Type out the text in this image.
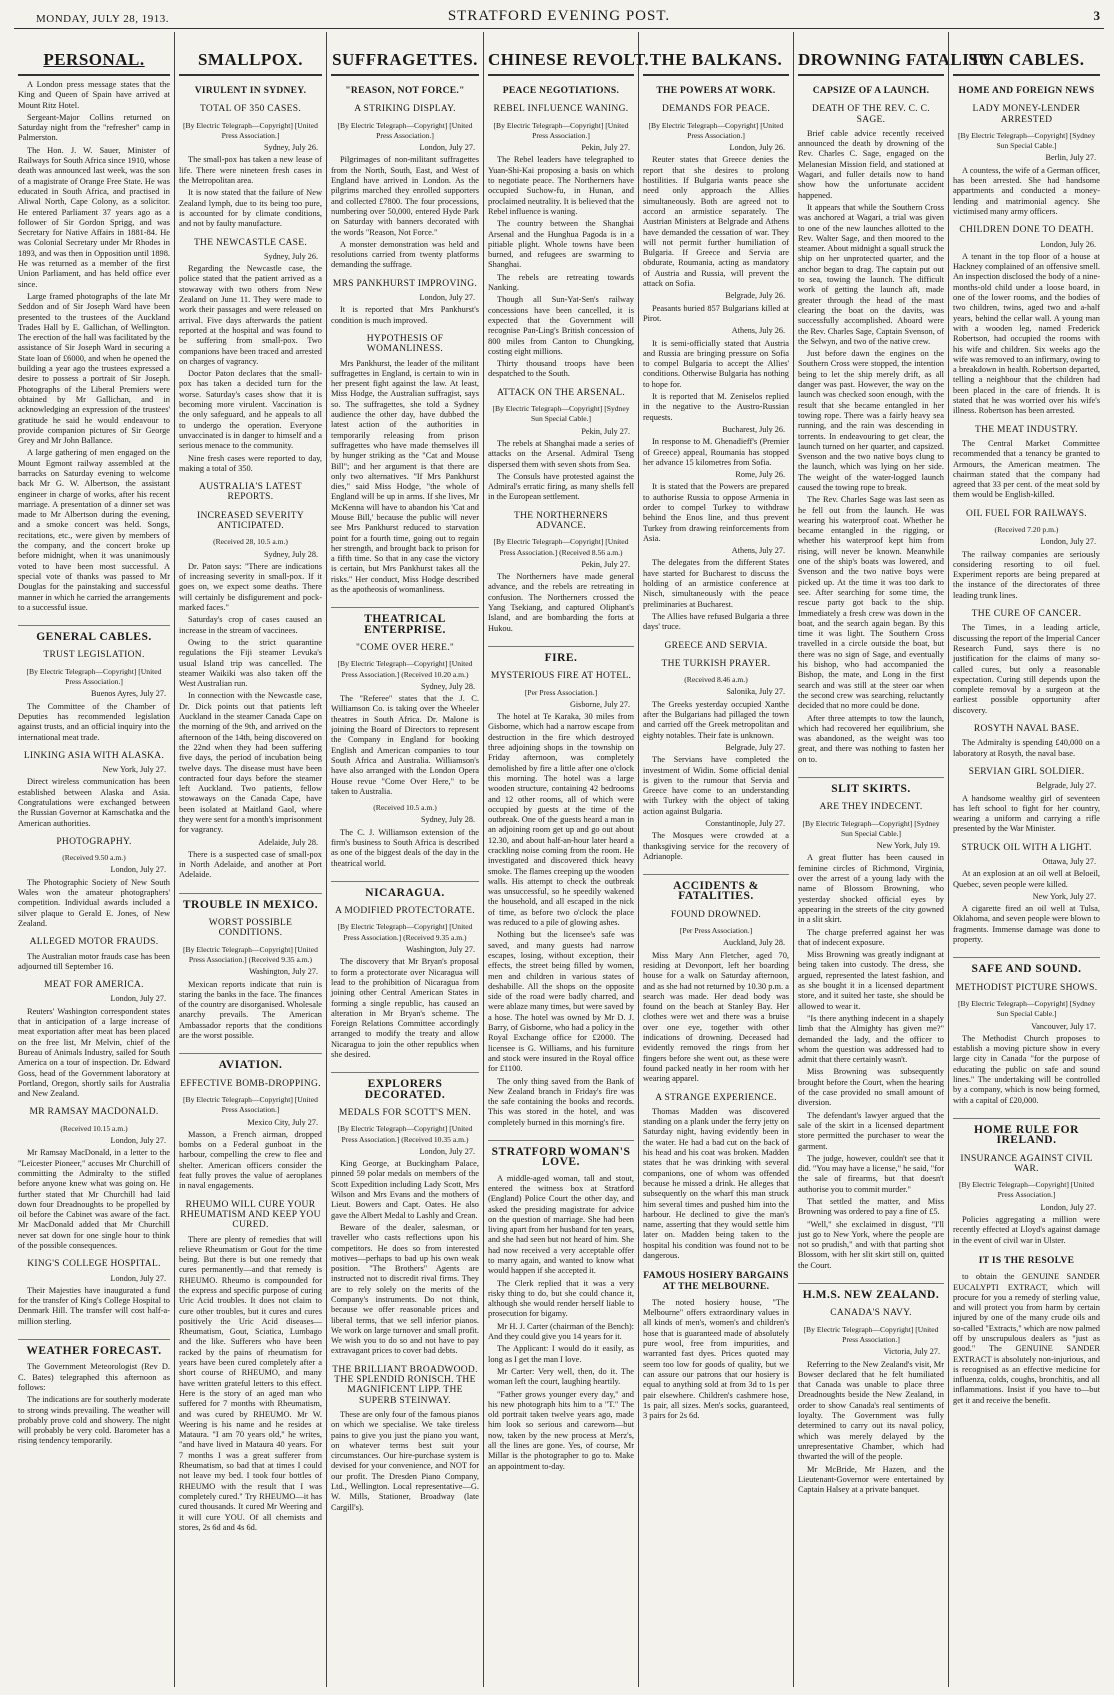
MONDAY, JULY 28, 1913.	STRATFORD EVENING POST.	3
PERSONAL.

A London press message states that the King and Queen of Spain have arrived at Mount Ritz Hotel.

Sergeant-Major Collins returned on Saturday night from the "refresher" camp in Palmerston.

The Hon. J. W. Sauer, Minister of Railways for South Africa since 1910, whose death was announced last week, was the son of a magistrate of Orange Free State. He was educated in South Africa, and practised in Aliwal North, Cape Colony, as a solicitor. He entered Parliament 37 years ago as a follower of Sir Gordon Sprigg, and was Secretary for Native Affairs in 1881-84. He was Colonial Secretary under Mr Rhodes in 1893, and was then in Opposition until 1898. He was returned as a member of the first Union Parliament, and has held office ever since.

Large framed photographs of the late Mr Seddon and of Sir Joseph Ward have been presented to the trustees of the Auckland Trades Hall by E. Gallichan, of Wellington. The erection of the hall was facilitated by the assistance of Sir Joseph Ward in securing a State loan of £6000, and when he opened the building a year ago the trustees expressed a desire to possess a portrait of Sir Joseph. Photographs of the Liberal Premiers were obtained by Mr Gallichan, and in acknowledging an expression of the trustees' gratitude he said he would endeavour to provide companion pictures of Sir George Grey and Mr John Ballance.

A large gathering of men engaged on the Mount Egmont railway assembled at the barracks on Saturday evening to welcome back Mr G. W. Albertson, the assistant engineer in charge of works, after his recent marriage. A presentation of a dinner set was made to Mr Albertson during the evening, and a smoke concert was held. Songs, recitations, etc., were given by members of the company, and the concert broke up before midnight, when it was unanimously voted to have been most successful. A special vote of thanks was passed to Mr Douglas for the painstaking and successful manner in which he carried the arrangements to a successful issue.

GENERAL CABLES.
TRUST LEGISLATION.
[By Electric Telegraph—Copyright] [United Press Association.]
Buenos Ayres, July 27.

The Committee of the Chamber of Deputies has recommended legislation against trusts, and an official inquiry into the international meat trade.

LINKING ASIA WITH ALASKA.
New York, July 27.

Direct wireless communication has been established between Alaska and Asia. Congratulations were exchanged between the Russian Governor at Kamschatka and the American authorities.

PHOTOGRAPHY.
(Received 9.50 a.m.)
London, July 27.

The Photographic Society of New South Wales won the amateur photographers' competition. Individual awards included a silver plaque to Gerald E. Jones, of New Zealand.

ALLEGED MOTOR FRAUDS.

The Australian motor frauds case has been adjourned till September 16.

MEAT FOR AMERICA.
London, July 27.

Reuters' Washington correspondent states that in anticipation of a large increase of meat exportation after meat has been placed on the free list, Mr Melvin, chief of the Bureau of Animals Industry, sailed for South America on a tour of inspection. Dr. Edward Goss, head of the Government laboratory at Portland, Oregon, shortly sails for Australia and New Zealand.

MR RAMSAY MACDONALD.
(Received 10.15 a.m.)
London, July 27.

Mr Ramsay MacDonald, in a letter to the "Leicester Pioneer," accuses Mr Churchill of committing the Admiralty to the stifled before anyone knew what was going on. He further stated that Mr Churchill had laid down four Dreadnoughts to be propelled by oil before the Cabinet was aware of the fact. Mr MacDonald added that Mr Churchill never sat down for one single hour to think of the possible consequences.

KING'S COLLEGE HOSPITAL.
London, July 27.

Their Majesties have inaugurated a fund for the transfer of King's College Hospital to Denmark Hill. The transfer will cost half-a-million sterling.

WEATHER FORECAST.

The Government Meteorologist (Rev D. C. Bates) telegraphed this afternoon as follows:

The indications are for southerly moderate to strong winds prevailing. The weather will probably prove cold and showery. The night will probably be very cold. Barometer has a rising tendency temporarily.

SMALLPOX.
VIRULENT IN SYDNEY.
TOTAL OF 350 CASES.
[By Electric Telegraph—Copyright] [United Press Association.]
Sydney, July 26.

The small-pox has taken a new lease of life. There were nineteen fresh cases in the Metropolitan area.

It is now stated that the failure of New Zealand lymph, due to its being too pure, is accounted for by climate conditions, and not by faulty manufacture.

THE NEWCASTLE CASE.
Sydney, July 26.

Regarding the Newcastle case, the police stated that the patient arrived as a stowaway with two others from New Zealand on June 11. They were made to work their passages and were released on arrival. Five days afterwards the patient reported at the hospital and was found to be suffering from small-pox. Two companions have been traced and arrested on charges of vagrancy.

Doctor Paton declares that the small-pox has taken a decided turn for the worse. Saturday's cases show that it is becoming more virulent. Vaccination is the only safeguard, and he appeals to all to undergo the operation. Everyone unvaccinated is in danger to himself and a serious menace to the community.

Nine fresh cases were reported to day, making a total of 350.

AUSTRALIA'S LATEST REPORTS.
INCREASED SEVERITY ANTICIPATED.
(Received 28, 10.5 a.m.)
Sydney, July 28.

Dr. Paton says: "There are indications of increasing severity in small-pox. If it goes on, we expect some deaths. There will certainly be disfigurement and pock-marked faces."

Saturday's crop of cases caused an increase in the stream of vaccinees.

Owing to the strict quarantine regulations the Fiji steamer Levuka's usual Island trip was cancelled. The steamer Waikiki was also taken off the West Australian run.

In connection with the Newcastle case, Dr. Dick points out that patients left Auckland in the steamer Canada Cape on the morning of the 9th, and arrived on the afternoon of the 14th, being discovered on the 22nd when they had been suffering five days, the period of incubation being twelve days. The disease must have been contracted four days before the steamer left Auckland. Two patients, fellow stowaways on the Canada Cape, have been isolated at Maitland Gaol, where they were sent for a month's imprisonment for vagrancy.

Adelaide, July 28.

There is a suspected case of small-pox in North Adelaide, and another at Port Adelaide.

TROUBLE IN MEXICO.
WORST POSSIBLE CONDITIONS.
[By Electric Telegraph—Copyright] [United Press Association.] (Received 9.35 a.m.)
Washington, July 27.

Mexican reports indicate that ruin is staring the banks in the face. The finances of the country are disorganised. Wholesale anarchy prevails. The American Ambassador reports that the conditions are the worst possible.

AVIATION.
EFFECTIVE BOMB-DROPPING.
[By Electric Telegraph—Copyright] [United Press Association.]
Mexico City, July 27.

Masson, a French airman, dropped bombs on a Federal gunboat in the harbour, compelling the crew to flee and shelter. American officers consider the feat fully proves the value of aeroplanes in naval engagements.

RHEUMO WILL CURE YOUR RHEUMATISM AND KEEP YOU CURED.

There are plenty of remedies that will relieve Rheumatism or Gout for the time being. But there is but one remedy that cures permanently—and that remedy is RHEUMO. Rheumo is compounded for the express and specific purpose of curing Uric Acid troubles. It does not claim to cure other troubles, but it cures and cures positively the Uric Acid diseases—Rheumatism, Gout, Sciatica, Lumbago and the like. Sufferers who have been racked by the pains of rheumatism for years have been cured completely after a short course of RHEUMO, and many have written grateful letters to this effect. Here is the story of an aged man who suffered for 7 months with Rheumatism, and was cured by RHEUMO. Mr W. Weering is his name and he resides at Mataura. "I am 70 years old," he writes, "and have lived in Mataura 40 years. For 7 months I was a great sufferer from Rheumatism, so bad that at times I could not leave my bed. I took four bottles of RHEUMO with the result that I was completely cured." Try RHEUMO—it has cured thousands. It cured Mr Weering and it will cure YOU. Of all chemists and stores, 2s 6d and 4s 6d.

SUFFRAGETTES.
"REASON, NOT FORCE."
A STRIKING DISPLAY.
[By Electric Telegraph—Copyright] [United Press Association.]
London, July 27.

Pilgrimages of non-militant suffragettes from the North, South, East, and West of England have arrived in London. As the pilgrims marched they enrolled supporters and collected £7800. The four processions, numbering over 50,000, entered Hyde Park on Saturday with banners decorated with the words "Reason, Not Force."

A monster demonstration was held and resolutions carried from twenty platforms demanding the suffrage.

MRS PANKHURST IMPROVING.
London, July 27.

It is reported that Mrs Pankhurst's condition is much improved.

HYPOTHESIS OF WOMANLINESS.

Mrs Pankhurst, the leader of the militant suffragettes in England, is certain to win in her present fight against the law. At least, Miss Hodge, the Australian suffragist, says so. The suffragettes, she told a Sydney audience the other day, have dubbed the latest action of the authorities in temporarily releasing from prison suffragettes who have made themselves ill by hunger striking as the "Cat and Mouse Bill"; and her argument is that there are only two alternatives. "If Mrs Pankhurst dies," said Miss Hodge, "the whole of England will be up in arms. If she lives, Mr McKenna will have to abandon his 'Cat and Mouse Bill,' because the public will never see Mrs Pankhurst reduced to starvation point for a fourth time, going out to regain her strength, and brought back to prison for a fifth time. So that in any case the victory is certain, but Mrs Pankhurst takes all the risks." Her conduct, Miss Hodge described as the apotheosis of womanliness.

THEATRICAL ENTERPRISE.
"COME OVER HERE."
[By Electric Telegraph—Copyright] [United Press Association.] (Received 10.20 a.m.)
Sydney, July 28.

The "Referee" states that the J. C. Williamson Co. is taking over the Wheeler theatres in South Africa. Dr. Malone is joining the Board of Directors to represent the Company in England for booking English and American companies to tour South Africa and Australia. Williamson's have also arranged with the London Opera House revue "Come Over Here," to be taken to Australia.

(Received 10.5 a.m.)
Sydney, July 28.

The C. J. Williamson extension of the firm's business to South Africa is described as one of the biggest deals of the day in the theatrical world.

NICARAGUA.
A MODIFIED PROTECTORATE.
[By Electric Telegraph—Copyright] [United Press Association.] (Received 9.35 a.m.)
Washington, July 27.

The discovery that Mr Bryan's proposal to form a protectorate over Nicaragua will lead to the prohibition of Nicaragua from joining other Central American States in forming a single republic, has caused an alteration in Mr Bryan's scheme. The Foreign Relations Committee accordingly arranged to modify the treaty and allow Nicaragua to join the other republics when she desired.

EXPLORERS DECORATED.
MEDALS FOR SCOTT'S MEN.
[By Electric Telegraph—Copyright] [United Press Association.] (Received 10.35 a.m.)
London, July 27.

King George, at Buckingham Palace, pinned 59 polar medals on members of the Scott Expedition including Lady Scott, Mrs Wilson and Mrs Evans and the mothers of Lieut. Bowers and Capt. Oates. He also gave the Albert Medal to Lashly and Crean.

Beware of the dealer, salesman, or traveller who casts reflections upon his competitors. He does so from interested motives—perhaps to bad up his own weak position. "The Brothers" Agents are instructed not to discredit rival firms. They are to rely solely on the merits of the Company's instruments. Do not think, because we offer reasonable prices and liberal terms, that we sell inferior pianos. We work on large turnover and small profit. We wish you to do so and not have to pay extravagant prices to cover bad debts.

THE BRILLIANT BROADWOOD. THE SPLENDID RONISCH. THE MAGNIFICENT LIPP. THE SUPERB STEINWAY.

These are only four of the famous pianos on which we specialise. We take tireless pains to give you just the piano you want, on whatever terms best suit your circumstances. Our hire-purchase system is devised for your convenience, and NOT for our profit. The Dresden Piano Company, Ltd., Wellington. Local representative—G. W. Mills, Stationer, Broadway (late Cargill's).

CHINESE REVOLT.
PEACE NEGOTIATIONS.
REBEL INFLUENCE WANING.
[By Electric Telegraph—Copyright] [United Press Association.]
Pekin, July 27.

The Rebel leaders have telegraphed to Yuan-Shi-Kai proposing a basis on which to negotiate peace. The Northerners have occupied Suchow-fu, in Hunan, and proclaimed neutrality. It is believed that the Rebel influence is waning.

The country between the Shanghai Arsenal and the Hunghua Pagoda is in a pitiable plight. Whole towns have been burned, and refugees are swarming to Shanghai.

The rebels are retreating towards Nanking.

Though all Sun-Yat-Sen's railway concessions have been cancelled, it is expected that the Government will recognise Pan-Ling's British concession of 800 miles from Canton to Chungking, costing eight millions.

Thirty thousand troops have been despatched to the South.

ATTACK ON THE ARSENAL.
[By Electric Telegraph—Copyright] [Sydney Sun Special Cable.]
Pekin, July 27.

The rebels at Shanghai made a series of attacks on the Arsenal. Admiral Tseng dispersed them with seven shots from Sea.

The Consuls have protested against the Admiral's erratic firing, as many shells fell in the European settlement.

THE NORTHERNERS ADVANCE.
[By Electric Telegraph—Copyright] [United Press Association.] (Received 8.56 a.m.)
Pekin, July 27.

The Northerners have made general advance, and the rebels are retreating in confusion. The Northerners crossed the Yang Tsekiang, and captured Oliphant's Island, and are bombarding the forts at Hukou.

FIRE.
MYSTERIOUS FIRE AT HOTEL.
[Per Press Association.]
Gisborne, July 27.

The hotel at Te Karaka, 30 miles from Gisborne, which had a narrow escape from destruction in the fire which destroyed three adjoining shops in the township on Friday afternoon, was completely demolished by fire a little after one o'clock this morning. The hotel was a large wooden structure, containing 42 bedrooms and 12 other rooms, all of which were occupied by guests at the time of the outbreak. One of the guests heard a man in an adjoining room get up and go out about 12.30, and about half-an-hour later heard a crackling noise coming from the room. He investigated and discovered thick heavy smoke. The flames creeping up the wooden walls. His attempt to check the outbreak was unsuccessful, so he speedily wakened the household, and all escaped in the nick of time, as before two o'clock the place was reduced to a pile of glowing ashes.

Nothing but the licensee's safe was saved, and many guests had narrow escapes, losing, without exception, their effects, the street being filled by women, men and children in various states of deshabille. All the shops on the opposite side of the road were badly charred, and were ablaze many times, but were saved by a hose. The hotel was owned by Mr D. J. Barry, of Gisborne, who had a policy in the Royal Exchange office for £2000. The licensee is G. Williams, and his furniture and stock were insured in the Royal office for £1100.

The only thing saved from the Bank of New Zealand branch in Friday's fire was the safe containing the books and records. This was stored in the hotel, and was completely burned in this morning's fire.

STRATFORD WOMAN'S LOVE.

A middle-aged woman, tall and stout, entered the witness box at Stratford (England) Police Court the other day, and asked the presiding magistrate for advice on the question of marriage. She had been living apart from her husband for ten years, and she had seen but not heard of him. She had now received a very acceptable offer to marry again, and wanted to know what would happen if she accepted it.

The Clerk replied that it was a very risky thing to do, but she could chance it, although she would render herself liable to prosecution for bigamy.

Mr H. J. Carter (chairman of the Bench): And they could give you 14 years for it.

The Applicant: I would do it easily, as long as I get the man I love.

Mr Carter: Very well, then, do it. The woman left the court, laughing heartily.

"Father grows younger every day," and his new photograph hits him to a "T." The old portrait taken twelve years ago, made him look so serious and careworn—but now, taken by the new process at Merz's, all the lines are gone. Yes, of course, Mr Millar is the photographer to go to. Make an appointment to-day.

THE BALKANS.
THE POWERS AT WORK.
DEMANDS FOR PEACE.
[By Electric Telegraph—Copyright] [United Press Association.]
London, July 26.

Reuter states that Greece denies the report that she desires to prolong hostilities. If Bulgaria wants peace she need only approach the Allies simultaneously. Both are agreed not to accord an armistice separately. The Austrian Ministers at Belgrade and Athens have demanded the cessation of war. They will not permit further humiliation of Bulgaria. If Greece and Servia are obdurate, Roumania, acting as mandatory of Austria and Russia, will prevent the attack on Sofia.

Belgrade, July 26.

Peasants buried 857 Bulgarians killed at Pirot.

Athens, July 26.

It is semi-officially stated that Austria and Russia are bringing pressure on Sofia to compel Bulgaria to accept the Allies' conditions. Otherwise Bulgaria has nothing to hope for.

It is reported that M. Zeniselos replied in the negative to the Austro-Russian requests.

Bucharest, July 26.

In response to M. Ghenadieff's (Premier of Greece) appeal, Roumania has stopped her advance 15 kilometres from Sofia.

Rome, July 26.

It is stated that the Powers are prepared to authorise Russia to oppose Armenia in order to compel Turkey to withdraw behind the Enos line, and thus prevent Turkey from drawing reinforcements from Asia.

Athens, July 27.

The delegates from the different States have started for Bucharest to discuss the holding of an armistice conference at Nisch, simultaneously with the peace preliminaries at Bucharest.

The Allies have refused Bulgaria a three days' truce.

GREECE AND SERVIA.
THE TURKISH PRAYER.
(Received 8.46 a.m.)
Salonika, July 27.

The Greeks yesterday occupied Xanthe after the Bulgarians had pillaged the town and carried off the Greek metropolitan and eighty notables. Their fate is unknown.

Belgrade, July 27.

The Servians have completed the investment of Widin. Some official denial is given to the rumour that Servia and Greece have come to an understanding with Turkey with the object of taking action against Bulgaria.

Constantinople, July 27.

The Mosques were crowded at a thanksgiving service for the recovery of Adrianople.

ACCIDENTS & FATALITIES.
FOUND DROWNED.
[Per Press Association.]
Auckland, July 28.

Miss Mary Ann Fletcher, aged 70, residing at Devonport, left her boarding house for a walk on Saturday afternoon, and as she had not returned by 10.30 p.m. a search was made. Her dead body was found on the beach at Stanley Bay. Her clothes were wet and there was a bruise over one eye, together with other indications of drowning. Deceased had evidently removed the rings from her fingers before she went out, as these were found packed neatly in her room with her wearing apparel.

A STRANGE EXPERIENCE.

Thomas Madden was discovered standing on a plank under the ferry jetty on Saturday night, having evidently been in the water. He had a bad cut on the back of his head and his coat was broken. Madden states that he was drinking with several companions, one of whom was offended because he missed a drink. He alleges that subsequently on the wharf this man struck him several times and pushed him into the harbour. He declined to give the man's name, asserting that they would settle him later on. Madden being taken to the hospital his condition was found not to be dangerous.

FAMOUS HOSIERY BARGAINS AT THE MELBOURNE.

The noted hosiery house, "The Melbourne" offers extraordinary values in all kinds of men's, women's and children's hose that is guaranteed made of absolutely pure wool, free from impurities, and warranted fast dyes. Prices quoted may seem too low for goods of quality, but we can assure our patrons that our hosiery is equal to anything sold at from 3d to 1s per pair elsewhere. Children's cashmere hose, 1s pair, all sizes. Men's socks, guaranteed, 3 pairs for 2s 6d.

DROWNING FATALITY.
CAPSIZE OF A LAUNCH.
DEATH OF THE REV. C. C. SAGE.

Brief cable advice recently received announced the death by drowning of the Rev. Charles C. Sage, engaged on the Melanesian Mission field, and stationed at Wagari, and fuller details now to hand show how the unfortunate accident happened.

It appears that while the Southern Cross was anchored at Wagari, a trial was given to one of the new launches allotted to the Rev. Walter Sage, and then moored to the steamer. About midnight a squall struck the ship on her unprotected quarter, and the anchor began to drag. The captain put out to sea, towing the launch. The difficult work of getting the launch aft, made greater through the head of the mast clearing the boat on the davits, was successfully accomplished. Aboard were the Rev. Charles Sage, Captain Svenson, of the Selwyn, and two of the native crew.

Just before dawn the engines on the Southern Cross were stopped, the intention being to let the ship merely drift, as all danger was past. However, the way on the launch was checked soon enough, with the result that she became entangled in her towing rope. There was a fairly heavy sea running, and the rain was descending in torrents. In endeavouring to get clear, the launch turned on her quarter, and capsized. Svenson and the two native boys clung to the launch, which was lying on her side. The weight of the water-logged launch caused the towing rope to break.

The Rev. Charles Sage was last seen as he fell out from the launch. He was wearing his waterproof coat. Whether he became entangled in the rigging, or whether his waterproof kept him from rising, will never be known. Meanwhile one of the ship's boats was lowered, and Svenson and the two native boys were picked up. At the time it was too dark to see. After searching for some time, the rescue party got back to the ship. Immediately a fresh crew was down in the boat, and the search again began. By this time it was light. The Southern Cross travelled in a circle outside the boat, but there was no sign of Sage, and eventually his bishop, who had accompanied the Bishop, the mate, and Long in the first search and was still at the steer oar when the second crew was searching, reluctantly decided that no more could be done.

After three attempts to tow the launch, which had recovered her equilibrium, she was abandoned, as the weight was too great, and there was nothing to fasten her on to.

SLIT SKIRTS.
ARE THEY INDECENT.
[By Electric Telegraph—Copyright] [Sydney Sun Special Cable.]
New York, July 19.

A great flutter has been caused in feminine circles of Richmond, Virginia, over the arrest of a young lady with the name of Blossom Browning, who yesterday shocked official eyes by appearing in the streets of the city gowned in a slit skirt.

The charge preferred against her was that of indecent exposure.

Miss Browning was greatly indignant at being taken into custody. The dress, she argued, represented the latest fashion, and as she bought it in a licensed department store, and it suited her taste, she should be allowed to wear it.

"Is there anything indecent in a shapely limb that the Almighty has given me?" demanded the lady, and the officer to whom the question was addressed had to admit that there certainly wasn't.

Miss Browning was subsequently brought before the Court, when the hearing of the case provided no small amount of diversion.

The defendant's lawyer argued that the sale of the skirt in a licensed department store permitted the purchaser to wear the garment.

The judge, however, couldn't see that it did. "You may have a license," he said, "for the sale of firearms, but that doesn't authorise you to commit murder."

That settled the matter, and Miss Browning was ordered to pay a fine of £5.

"Well," she exclaimed in disgust, "I'll just go to New York, where the people are not so prudish," and with that parting shot Blossom, with her slit skirt still on, quitted the Court.

H.M.S. NEW ZEALAND.
CANADA'S NAVY.
[By Electric Telegraph—Copyright] [United Press Association.]
Victoria, July 27.

Referring to the New Zealand's visit, Mr Bowser declared that he felt humiliated that Canada was unable to place three Dreadnoughts beside the New Zealand, in order to show Canada's real sentiments of loyalty. The Government was fully determined to carry out its naval policy, which was merely delayed by the unrepresentative Chamber, which had thwarted the will of the people.

Mr McBride, Mr Hazen, and the Lieutenant-Governor were entertained by Captain Halsey at a private banquet.

SUN CABLES.
HOME AND FOREIGN NEWS
LADY MONEY-LENDER ARRESTED
[By Electric Telegraph—Copyright] [Sydney Sun Special Cable.]
Berlin, July 27.

A countess, the wife of a German officer, has been arrested. She had handsome appartments and conducted a money-lending and matrimonial agency. She victimised many army officers.

CHILDREN DONE TO DEATH.
London, July 26.

A tenant in the top floor of a house at Hackney complained of an offensive smell. An inspection disclosed the body of a nine-months-old child under a loose board, in one of the lower rooms, and the bodies of two children, twins, aged two and a-half years, behind the cellar wall. A young man with a wooden leg, named Frederick Robertson, had occupied the rooms with his wife and children. Six weeks ago the wife was removed to an infirmary, owing to a breakdown in health. Robertson departed, telling a neighbour that the children had been placed in the care of friends. It is stated that he was worried over his wife's illness. Robertson has been arrested.

THE MEAT INDUSTRY.

The Central Market Committee recommended that a tenancy be granted to Armours, the American meatmen. The chairman stated that the company had agreed that 33 per cent. of the meat sold by them would be English-killed.

OIL FUEL FOR RAILWAYS.
(Received 7.20 p.m.)
London, July 27.

The railway companies are seriously considering resorting to oil fuel. Experiment reports are being prepared at the instance of the directorates of three leading trunk lines.

THE CURE OF CANCER.

The Times, in a leading article, discussing the report of the Imperial Cancer Research Fund, says there is no justification for the claims of many so-called cures, but only a reasonable expectation. Curing still depends upon the complete removal by a surgeon at the earliest possible opportunity after discovery.

ROSYTH NAVAL BASE.

The Admiralty is spending £40,000 on a laboratory at Rosyth, the naval base.

SERVIAN GIRL SOLDIER.
Belgrade, July 27.

A handsome wealthy girl of seventeen has left school to fight for her country, wearing a uniform and carrying a rifle presented by the War Minister.

STRUCK OIL WITH A LIGHT.
Ottawa, July 27.

At an explosion at an oil well at Beloeil, Quebec, seven people were killed.

New York, July 27.

A cigarette fired an oil well at Tulsa, Oklahoma, and seven people were blown to fragments. Immense damage was done to property.

SAFE AND SOUND.
METHODIST PICTURE SHOWS.
[By Electric Telegraph—Copyright] [Sydney Sun Special Cable.]
Vancouver, July 17.

The Methodist Church proposes to establish a moving picture show in every large city in Canada "for the purpose of educating the public on safe and sound lines." The undertaking will be controlled by a company, which is now being formed, with a capital of £20,000.

HOME RULE FOR IRELAND.
INSURANCE AGAINST CIVIL WAR.
[By Electric Telegraph—Copyright] [United Press Association.]
London, July 27.

Policies aggregating a million were recently effected at Lloyd's against damage in the event of civil war in Ulster.

IT IS THE RESOLVE

to obtain the GENUINE SANDER EUCALYPTI EXTRACT, which will procure for you a remedy of sterling value, and will protect you from harm by certain injured by one of the many crude oils and so-called "Extracts," which are now palmed off by unscrupulous dealers as "just as good." The GENUINE SANDER EXTRACT is absolutely non-injurious, and is recognised as an effective medicine for influenza, colds, coughs, bronchitis, and all inflammations. Insist if you have to—but get it and receive the benefit.
